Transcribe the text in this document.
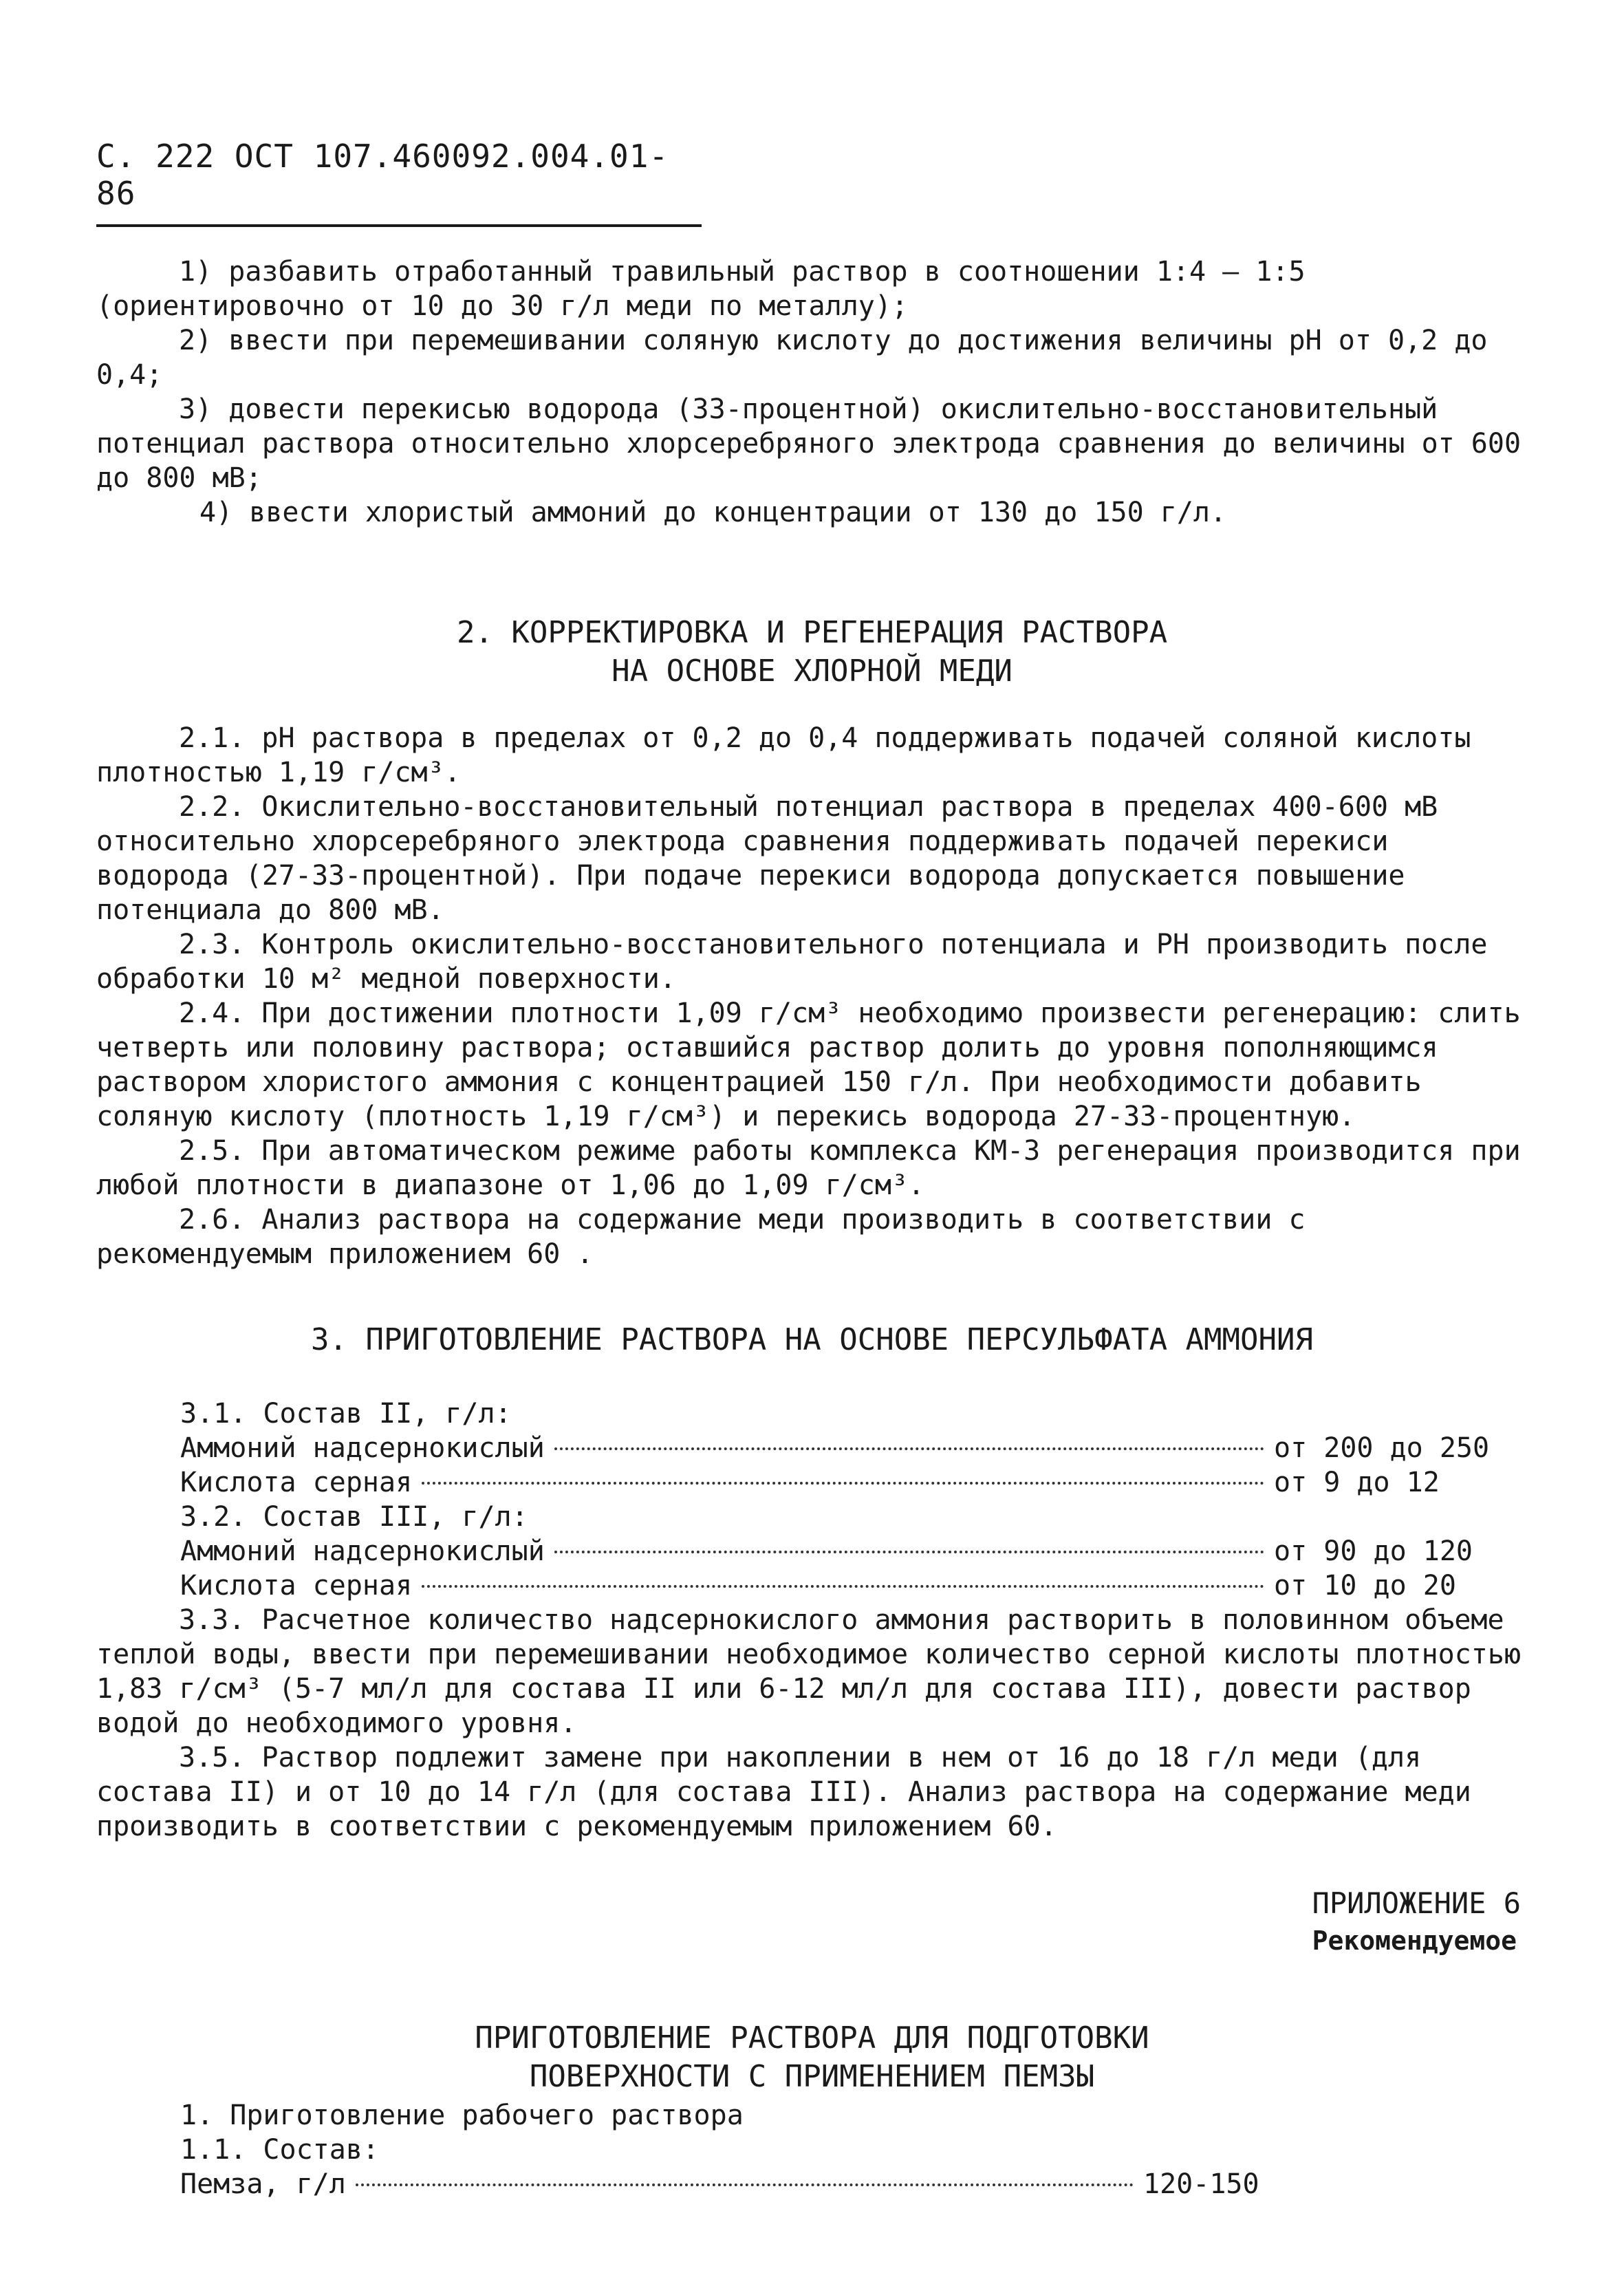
С. 222 ОСТ 107.460092.004.01-86

1) разбавить отработанный травильный раствор в соотношении 1:4 – 1:5 (ориентировочно от 10 до 30 г/л меди по металлу);

2) ввести при перемешивании соляную кислоту до достижения величины рН от 0,2 до 0,4;

3) довести перекисью водорода (33-процентной) окислительно-восстановительный потенциал раствора относительно хлорсеребряного электрода сравнения до величины от 600 до 800 мВ;

4) ввести хлористый аммоний до концентрации от 130 до 150 г/л.

2. КОРРЕКТИРОВКА И РЕГЕНЕРАЦИЯ РАСТВОРА
НА ОСНОВЕ ХЛОРНОЙ МЕДИ

2.1. рН раствора в пределах от 0,2 до 0,4 поддерживать подачей соляной кислоты плотностью 1,19 г/см³.

2.2. Окислительно-восстановительный потенциал раствора в пределах 400-600 мВ относительно хлорсеребряного электрода сравнения поддерживать подачей перекиси водорода (27-33-процентной). При подаче перекиси водорода допускается повышение потенциала до 800 мВ.

2.3. Контроль окислительно-восстановительного потенциала и РН производить после обработки 10 м² медной поверхности.

2.4. При достижении плотности 1,09 г/см³ необходимо произвести регенерацию: слить четверть или половину раствора; оставшийся раствор долить до уровня пополняющимся раствором хлористого аммония с концентрацией 150 г/л. При необходимости добавить соляную кислоту (плотность 1,19 г/см³) и перекись водорода 27-33-процентную.

2.5. При автоматическом режиме работы комплекса КМ-3 регенерация производится при любой плотности в диапазоне от 1,06 до 1,09 г/см³.

2.6. Анализ раствора на содержание меди производить в соответствии с рекомендуемым приложением 60 .

3. ПРИГОТОВЛЕНИЕ РАСТВОРА НА ОСНОВЕ ПЕРСУЛЬФАТА АММОНИЯ
3.1. Состав II, г/л:
Аммоний надсернокислый	от 200 до 250
Кислота серная	от 9 до 12
3.2. Состав III, г/л:
Аммоний надсернокислый	от 90 до 120
Кислота серная	от 10 до 20

3.3. Расчетное количество надсернокислого аммония растворить в половинном объеме теплой воды, ввести при перемешивании необходимое количество серной кислоты плотностью 1,83 г/см³ (5-7 мл/л для состава II или 6-12 мл/л для состава III), довести раствор водой до необходимого уровня.

3.5. Раствор подлежит замене при накоплении в нем от 16 до 18 г/л меди (для состава II) и от 10 до 14 г/л (для состава III). Анализ раствора на содержание меди производить в соответствии с рекомендуемым приложением 60.

ПРИЛОЖЕНИЕ 6
Рекомендуемое
ПРИГОТОВЛЕНИЕ РАСТВОРА ДЛЯ ПОДГОТОВКИ
ПОВЕРХНОСТИ С ПРИМЕНЕНИЕМ ПЕМЗЫ
1. Приготовление рабочего раствора
1.1. Состав:
Пемза, г/л	120-150
